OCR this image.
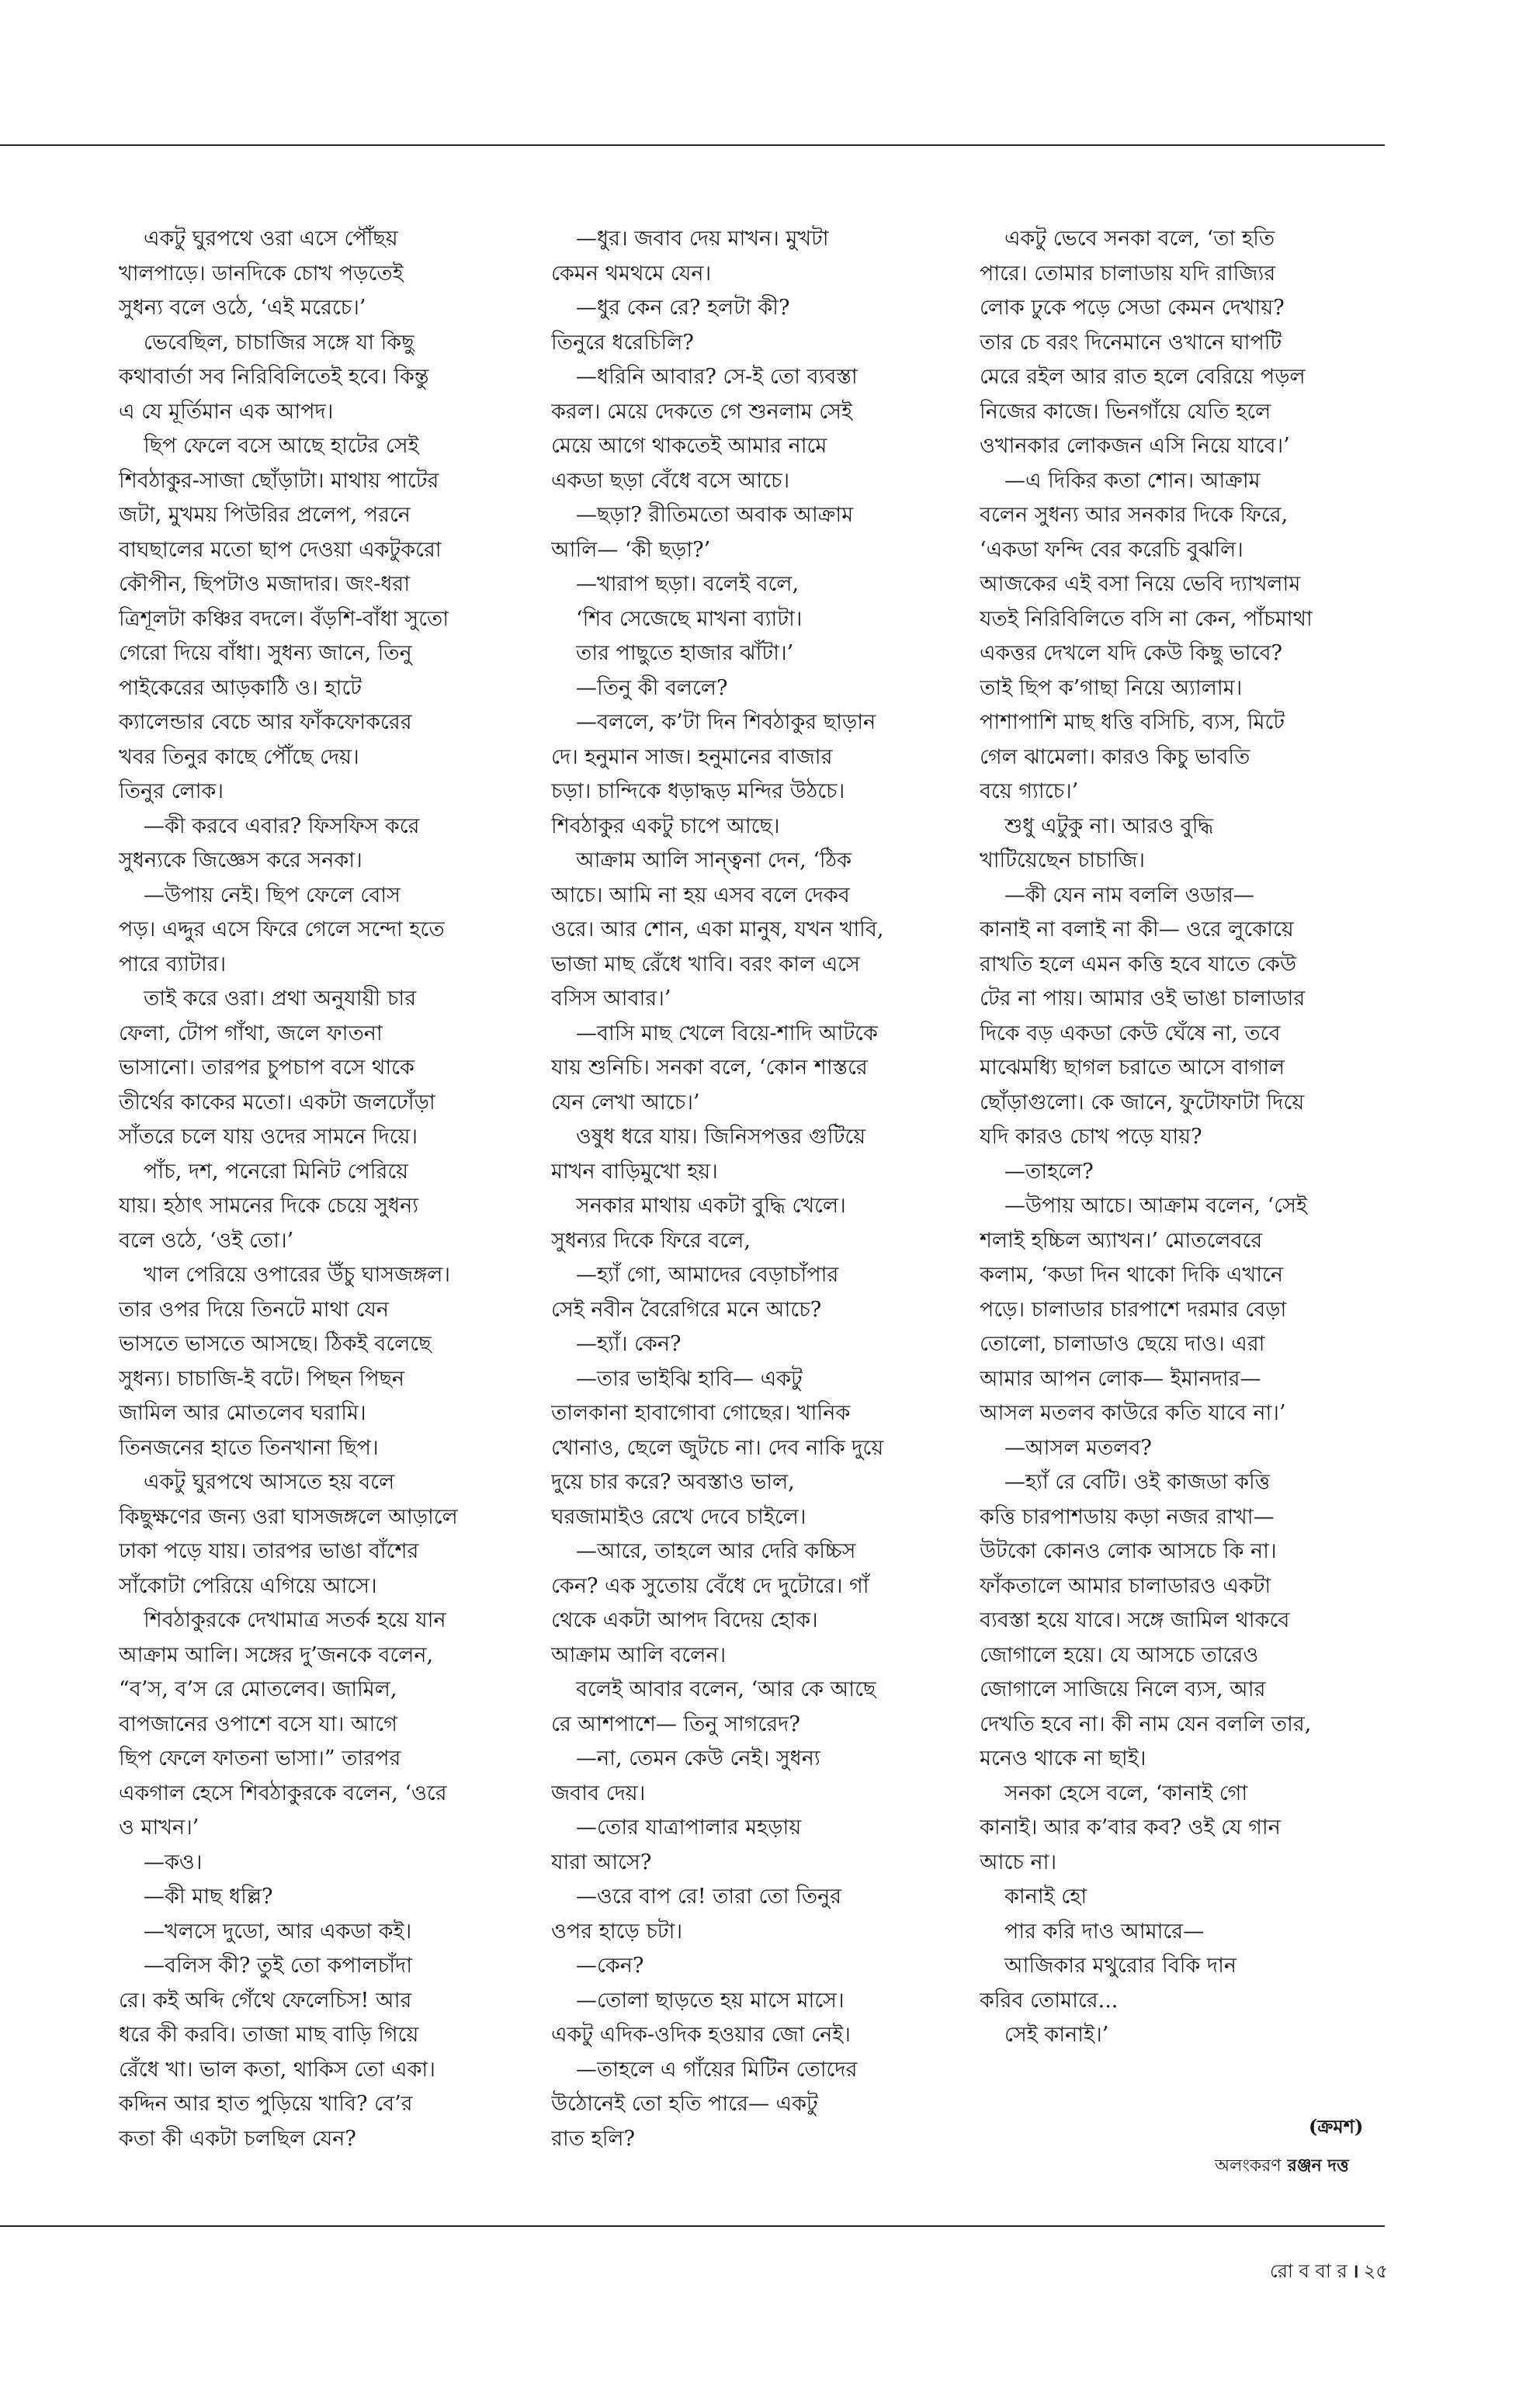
একটু ঘুরপথে ওরা এসে পৌঁছয়
খালপাড়ে। ডানদিকে চোখ পড়তেই
সুধন্য বলে ওঠে, ‘এই মরেচে।’
ভেবেছিল, চাচাজির সঙ্গে যা কিছু
কথাবার্তা সব নিরিবিলিতেই হবে। কিন্তু
এ যে মূর্তিমান এক আপদ।
ছিপ ফেলে বসে আছে হাটের সেই
শিবঠাকুর-সাজা ছোঁড়াটা। মাথায় পাটের
জটা, মুখময় পিউরির প্রলেপ, পরনে
বাঘছালের মতো ছাপ দেওয়া একটুকরো
কৌপীন, ছিপটাও মজাদার। জং-ধরা
ত্রিশূলটা কঞ্চির বদলে। বঁড়শি-বাঁধা সুতো
গেরো দিয়ে বাঁধা। সুধন্য জানে, তিনু
পাইকেরের আড়কাঠি ও। হাটে
ক্যালেন্ডার বেচে আর ফাঁকফোকরের
খবর তিনুর কাছে পৌঁছে দেয়।
তিনুর লোক।
—কী করবে এবার? ফিসফিস করে
সুধন্যকে জিজ্ঞেস করে সনকা।
—উপায় নেই। ছিপ ফেলে বোস
পড়। এদ্দুর এসে ফিরে গেলে সন্দো হতে
পারে ব্যাটার।
তাই করে ওরা। প্রথা অনুযায়ী চার
ফেলা, টোপ গাঁথা, জলে ফাতনা
ভাসানো। তারপর চুপচাপ বসে থাকে
তীর্থের কাকের মতো। একটা জলঢোঁড়া
সাঁতরে চলে যায় ওদের সামনে দিয়ে।
পাঁচ, দশ, পনেরো মিনিট পেরিয়ে
যায়। হঠাৎ সামনের দিকে চেয়ে সুধন্য
বলে ওঠে, ‘ওই তো।’
খাল পেরিয়ে ওপারের উঁচু ঘাসজঙ্গল।
তার ওপর দিয়ে তিনটে মাথা যেন
ভাসতে ভাসতে আসছে। ঠিকই বলেছে
সুধন্য। চাচাজি-ই বটে। পিছন পিছন
জামিল আর মোতলেব ঘরামি।
তিনজনের হাতে তিনখানা ছিপ।
একটু ঘুরপথে আসতে হয় বলে
কিছুক্ষণের জন্য ওরা ঘাসজঙ্গলে আড়ালে
ঢাকা পড়ে যায়। তারপর ভাঙা বাঁশের
সাঁকোটা পেরিয়ে এগিয়ে আসে।
শিবঠাকুরকে দেখামাত্র সতর্ক হয়ে যান
আক্রাম আলি। সঙ্গের দু’জনকে বলেন,
“ব’স, ব’স রে মোতলেব। জামিল,
বাপজানের ওপাশে বসে যা। আগে
ছিপ ফেলে ফাতনা ভাসা।” তারপর
একগাল হেসে শিবঠাকুরকে বলেন, ‘ওরে
ও মাখন।’
—কও।
—কী মাছ ধল্লি?
—খলসে দুডো, আর একডা কই।
—বলিস কী? তুই তো কপালচাঁদা
রে। কই অব্দি গেঁথে ফেলেচিস! আর
ধরে কী করবি। তাজা মাছ বাড়ি গিয়ে
রেঁধে খা। ভাল কতা, থাকিস তো একা।
কদ্দিন আর হাত পুড়িয়ে খাবি? বে’র
কতা কী একটা চলছিল যেন?
—ধুর। জবাব দেয় মাখন। মুখটা
কেমন থমথমে যেন।
—ধুর কেন রে? হলটা কী?
তিনুরে ধরেচিলি?
—ধরিনি আবার? সে-ই তো ব্যবস্তা
করল। মেয়ে দেকতে গে শুনলাম সেই
মেয়ে আগে থাকতেই আমার নামে
একডা ছড়া বেঁধে বসে আচে।
—ছড়া? রীতিমতো অবাক আক্রাম
আলি— ‘কী ছড়া?’
—খারাপ ছড়া। বলেই বলে,
‘শিব সেজেছে মাখনা ব্যাটা।
তার পাছুতে হাজার ঝাঁটা।’
—তিনু কী বললে?
—বললে, ক’টা দিন শিবঠাকুর ছাড়ান
দে। হনুমান সাজ। হনুমানের বাজার
চড়া। চান্দিকে ধড়াদ্ধড় মন্দির উঠচে।
শিবঠাকুর একটু চাপে আছে।
আক্রাম আলি সান্ত্বনা দেন, ‘ঠিক
আচে। আমি না হয় এসব বলে দেকব
ওরে। আর শোন, একা মানুষ, যখন খাবি,
ভাজা মাছ রেঁধে খাবি। বরং কাল এসে
বসিস আবার।’
—বাসি মাছ খেলে বিয়ে-শাদি আটকে
যায় শুনিচি। সনকা বলে, ‘কোন শাস্তরে
যেন লেখা আচে।’
ওষুধ ধরে যায়। জিনিসপত্তর গুটিয়ে
মাখন বাড়িমুখো হয়।
সনকার মাথায় একটা বুদ্ধি খেলে।
সুধন্যর দিকে ফিরে বলে,
—হ্যাঁ গো, আমাদের বেড়াচাঁপার
সেই নবীন বৈরেগিরে মনে আচে?
—হ্যাঁ। কেন?
—তার ভাইঝি হাবি— একটু
তালকানা হাবাগোবা গোছের। খানিক
খোনাও, ছেলে জুটচে না। দেব নাকি দুয়ে
দুয়ে চার করে? অবস্তাও ভাল,
ঘরজামাইও রেখে দেবে চাইলে।
—আরে, তাহলে আর দেরি কচ্চিস
কেন? এক সুতোয় বেঁধে দে দুটোরে। গাঁ
থেকে একটা আপদ বিদেয় হোক।
আক্রাম আলি বলেন।
বলেই আবার বলেন, ‘আর কে আছে
রে আশপাশে— তিনু সাগরেদ?
—না, তেমন কেউ নেই। সুধন্য
জবাব দেয়।
—তোর যাত্রাপালার মহড়ায়
যারা আসে?
—ওরে বাপ রে! তারা তো তিনুর
ওপর হাড়ে চটা।
—কেন?
—তোলা ছাড়তে হয় মাসে মাসে।
একটু এদিক-ওদিক হওয়ার জো নেই।
—তাহলে এ গাঁয়ের মিটিন তোদের
উঠোনেই তো হতি পারে— একটু
রাত হলি?
একটু ভেবে সনকা বলে, ‘তা হতি
পারে। তোমার চালাডায় যদি রাজ্যির
লোক ঢুকে পড়ে সেডা কেমন দেখায়?
তার চে বরং দিনেমানে ওখানে ঘাপটি
মেরে রইল আর রাত হলে বেরিয়ে পড়ল
নিজের কাজে। ভিনগাঁয়ে যেতি হলে
ওখানকার লোকজন এসি নিয়ে যাবে।’
—এ দিকির কতা শোন। আক্রাম
বলেন সুধন্য আর সনকার দিকে ফিরে,
‘একডা ফন্দি বের করেচি বুঝলি।
আজকের এই বসা নিয়ে ভেবি দ্যাখলাম
যতই নিরিবিলিতে বসি না কেন, পাঁচমাথা
একত্তর দেখলে যদি কেউ কিছু ভাবে?
তাই ছিপ ক’গাছা নিয়ে অ্যালাম।
পাশাপাশি মাছ ধত্তি বসিচি, ব্যস, মিটে
গেল ঝামেলা। কারও কিচু ভাবতি
বয়ে গ্যাচে।’
শুধু এটুকু না। আরও বুদ্ধি
খাটিয়েছেন চাচাজি।
—কী যেন নাম বললি ওডার—
কানাই না বলাই না কী— ওরে লুকোয়ে
রাখতি হলে এমন কত্তি হবে যাতে কেউ
টের না পায়। আমার ওই ভাঙা চালাডার
দিকে বড় একডা কেউ ঘেঁষে না, তবে
মাঝেমধ্যি ছাগল চরাতে আসে বাগাল
ছোঁড়াগুলো। কে জানে, ফুটোফাটা দিয়ে
যদি কারও চোখ পড়ে যায়?
—তাহলে?
—উপায় আচে। আক্রাম বলেন, ‘সেই
শলাই হচ্চিল অ্যাখন।’ মোতলেবরে
কলাম, ‘কডা দিন থাকো দিকি এখানে
পড়ে। চালাডার চারপাশে দরমার বেড়া
তোলো, চালাডাও ছেয়ে দাও। এরা
আমার আপন লোক— ইমানদার—
আসল মতলব কাউরে কতি যাবে না।’
—আসল মতলব?
—হ্যাঁ রে বেটি। ওই কাজডা কত্তি
কত্তি চারপাশডায় কড়া নজর রাখা—
উটকো কোনও লোক আসচে কি না।
ফাঁকতালে আমার চালাডারও একটা
ব্যবস্তা হয়ে যাবে। সঙ্গে জামিল থাকবে
জোগালে হয়ে। যে আসচে তারেও
জোগালে সাজিয়ে নিলে ব্যস, আর
দেখতি হবে না। কী নাম যেন বললি তার,
মনেও থাকে না ছাই।
সনকা হেসে বলে, ‘কানাই গো
কানাই। আর ক’বার কব? ওই যে গান
আচে না।
কানাই হো
পার করি দাও আমারে—
আজিকার মথুরোর বিকি দান
করিব তোমারে...
সেই কানাই।’
(ক্রমশ)
অলংকরণ রঞ্জন দত্ত
রো ব বা র । ২৫
